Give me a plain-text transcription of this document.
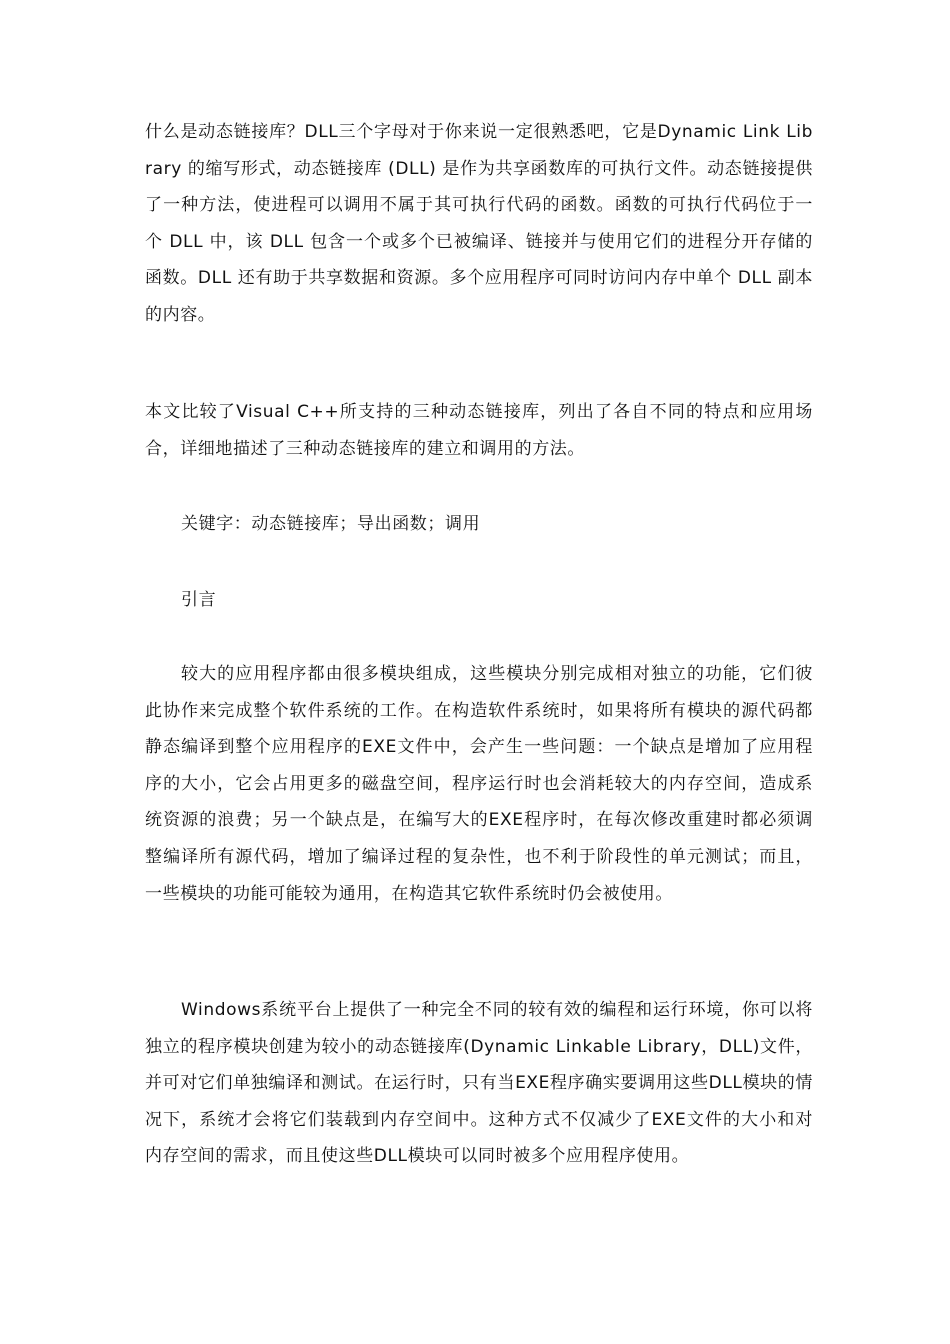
什么是动态链接库？DLL三个字母对于你来说一定很熟悉吧，它是Dynamic Link Library 的缩写形式，动态链接库 (DLL) 是作为共享函数库的可执行文件。动态链接提供了一种方法，使进程可以调用不属于其可执行代码的函数。函数的可执行代码位于一个 DLL 中，该 DLL 包含一个或多个已被编译、链接并与使用它们的进程分开存储的函数。DLL 还有助于共享数据和资源。多个应用程序可同时访问内存中单个 DLL 副本的内容。

本文比较了Visual C++所支持的三种动态链接库，列出了各自不同的特点和应用场合，详细地描述了三种动态链接库的建立和调用的方法。

关键字：动态链接库；导出函数；调用

引言

较大的应用程序都由很多模块组成，这些模块分别完成相对独立的功能，它们彼此协作来完成整个软件系统的工作。在构造软件系统时，如果将所有模块的源代码都静态编译到整个应用程序的EXE文件中，会产生一些问题：一个缺点是增加了应用程序的大小，它会占用更多的磁盘空间，程序运行时也会消耗较大的内存空间，造成系统资源的浪费；另一个缺点是，在编写大的EXE程序时，在每次修改重建时都必须调整编译所有源代码，增加了编译过程的复杂性，也不利于阶段性的单元测试；而且，一些模块的功能可能较为通用，在构造其它软件系统时仍会被使用。

Windows系统平台上提供了一种完全不同的较有效的编程和运行环境，你可以将独立的程序模块创建为较小的动态链接库(Dynamic Linkable Library，DLL)文件，并可对它们单独编译和测试。在运行时，只有当EXE程序确实要调用这些DLL模块的情况下，系统才会将它们装载到内存空间中。这种方式不仅减少了EXE文件的大小和对内存空间的需求，而且使这些DLL模块可以同时被多个应用程序使用。
